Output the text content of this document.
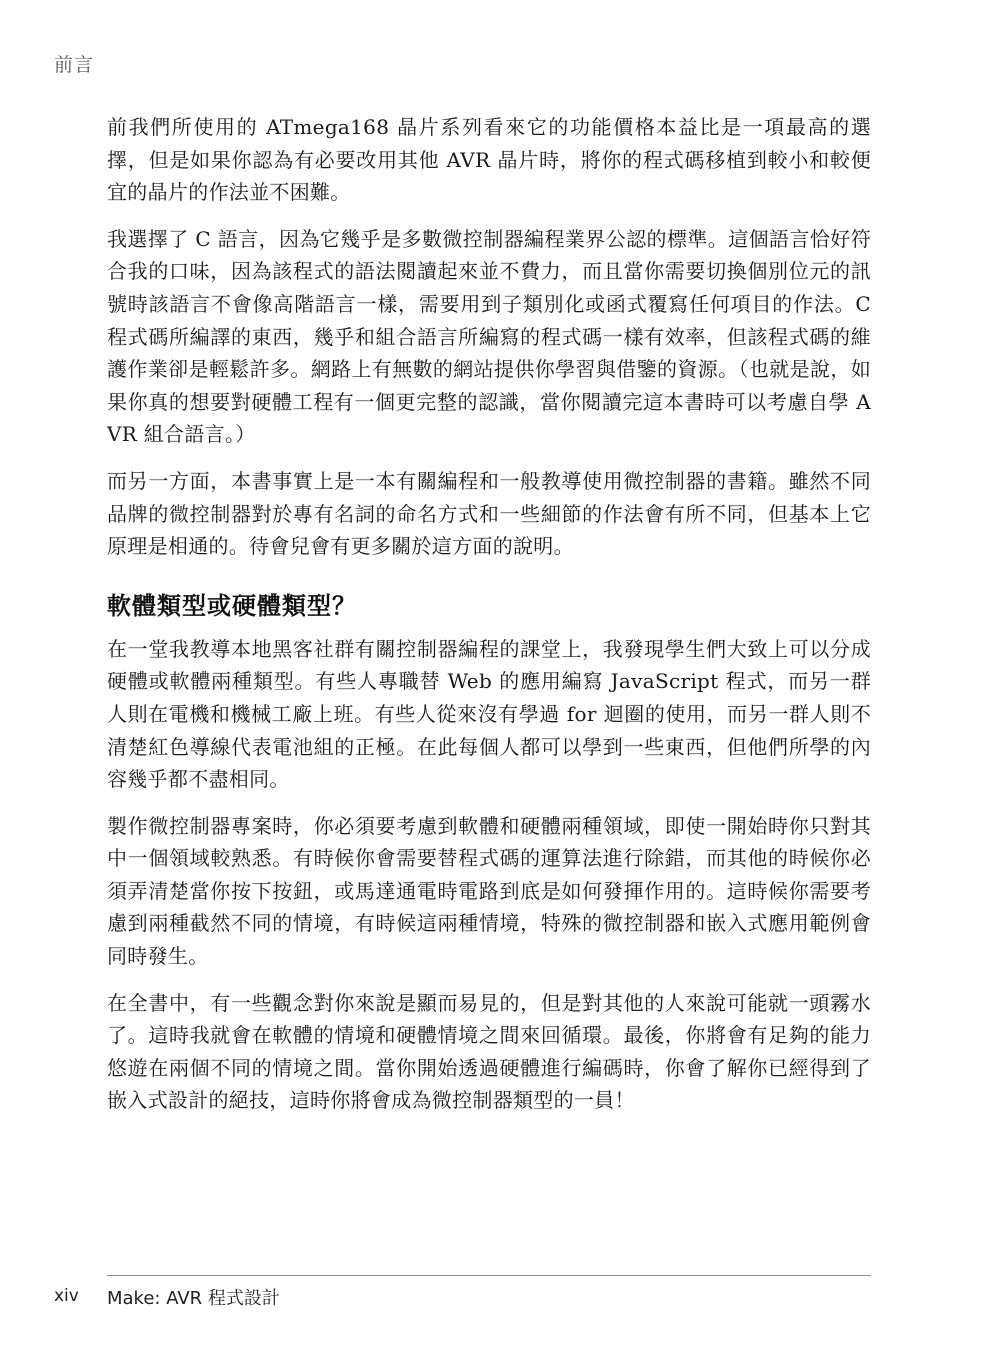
前言

前我們所使用的 ATmega168 晶片系列看來它的功能價格本益比是一項最高的選擇，但是如果你認為有必要改用其他 AVR 晶片時，將你的程式碼移植到較小和較便宜的晶片的作法並不困難。

我選擇了 C 語言，因為它幾乎是多數微控制器編程業界公認的標準。這個語言恰好符合我的口味，因為該程式的語法閱讀起來並不費力，而且當你需要切換個別位元的訊號時該語言不會像高階語言一樣，需要用到子類別化或函式覆寫任何項目的作法。C 程式碼所編譯的東西，幾乎和組合語言所編寫的程式碼一樣有效率，但該程式碼的維護作業卻是輕鬆許多。網路上有無數的網站提供你學習與借鑒的資源。（也就是說，如果你真的想要對硬體工程有一個更完整的認識，當你閱讀完這本書時可以考慮自學 AVR 組合語言。）

而另一方面，本書事實上是一本有關編程和一般教導使用微控制器的書籍。雖然不同品牌的微控制器對於專有名詞的命名方式和一些細節的作法會有所不同，但基本上它原理是相通的。待會兒會有更多關於這方面的說明。

軟體類型或硬體類型？

在一堂我教導本地黑客社群有關控制器編程的課堂上，我發現學生們大致上可以分成硬體或軟體兩種類型。有些人專職替 Web 的應用編寫 JavaScript 程式，而另一群人則在電機和機械工廠上班。有些人從來沒有學過 for 迴圈的使用，而另一群人則不清楚紅色導線代表電池組的正極。在此每個人都可以學到一些東西，但他們所學的內容幾乎都不盡相同。

製作微控制器專案時，你必須要考慮到軟體和硬體兩種領域，即使一開始時你只對其中一個領域較熟悉。有時候你會需要替程式碼的運算法進行除錯，而其他的時候你必須弄清楚當你按下按鈕，或馬達通電時電路到底是如何發揮作用的。這時候你需要考慮到兩種截然不同的情境，有時候這兩種情境，特殊的微控制器和嵌入式應用範例會同時發生。

在全書中，有一些觀念對你來說是顯而易見的，但是對其他的人來說可能就一頭霧水了。這時我就會在軟體的情境和硬體情境之間來回循環。最後，你將會有足夠的能力悠遊在兩個不同的情境之間。當你開始透過硬體進行編碼時，你會了解你已經得到了嵌入式設計的絕技，這時你將會成為微控制器類型的一員！

xiv Make: AVR 程式設計
